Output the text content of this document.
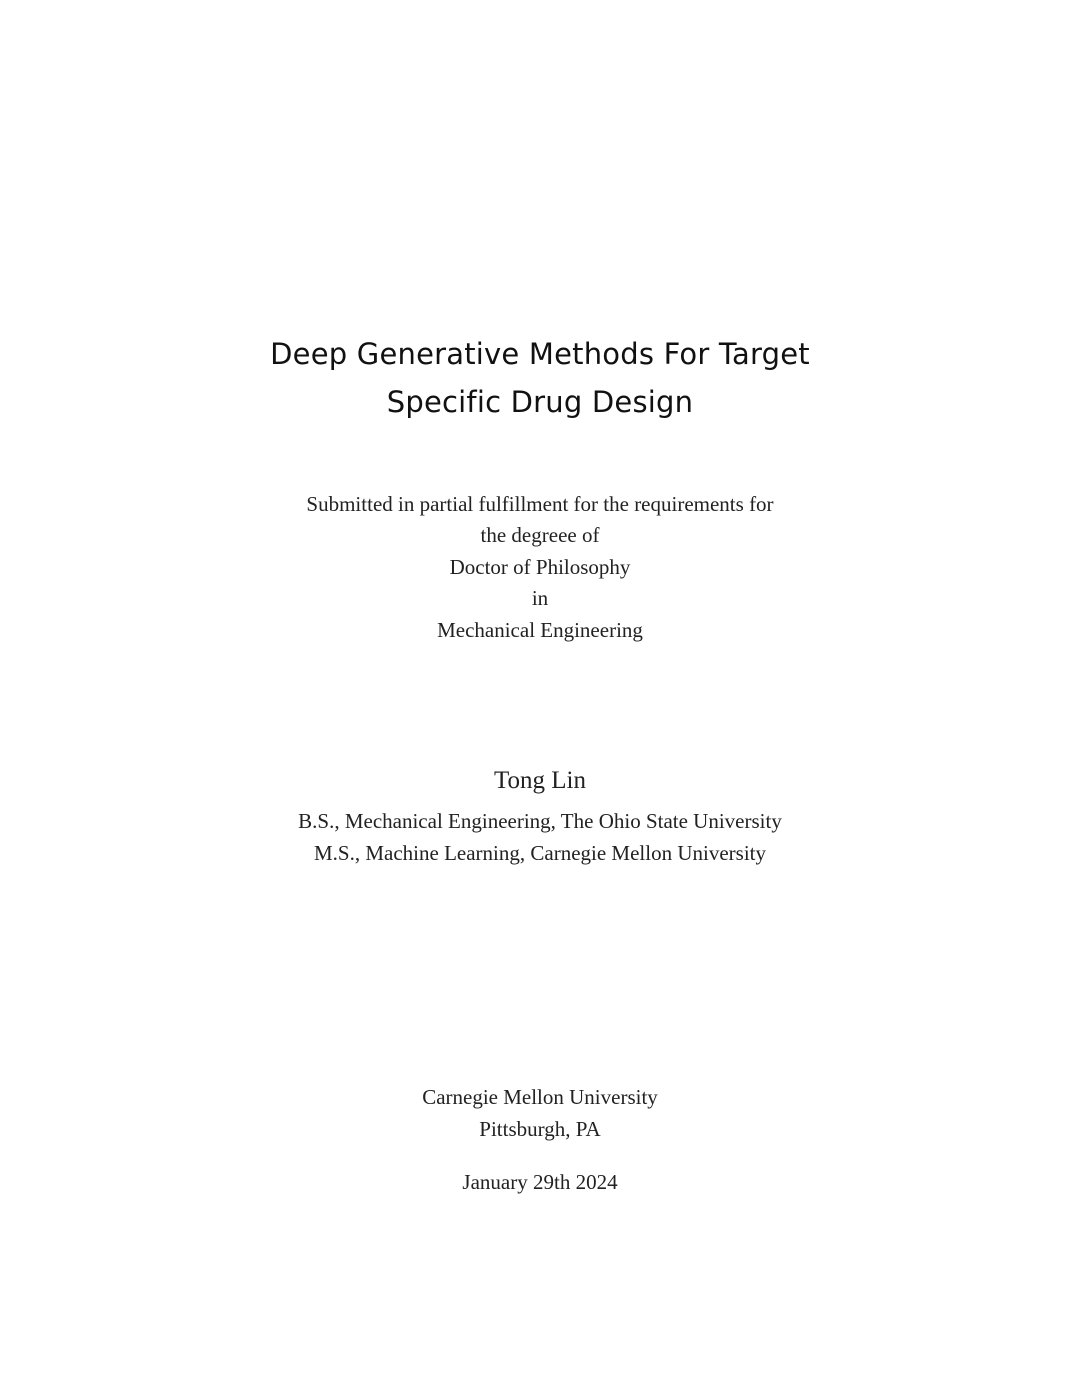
Deep Generative Methods For Target
Specific Drug Design
Submitted in partial fulfillment for the requirements for
the degreee of
Doctor of Philosophy
in
Mechanical Engineering
Tong Lin
B.S., Mechanical Engineering, The Ohio State University
M.S., Machine Learning, Carnegie Mellon University
Carnegie Mellon University
Pittsburgh, PA
January 29th 2024
